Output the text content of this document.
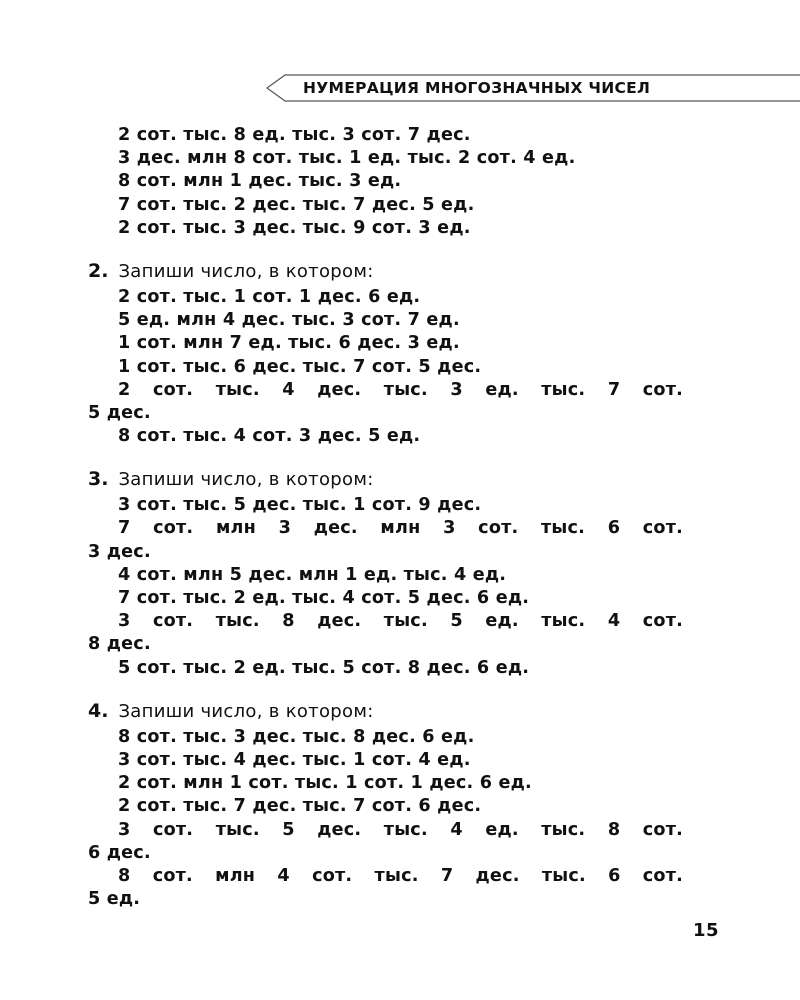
НУМЕРАЦИЯ МНОГОЗНАЧНЫХ ЧИСЕЛ
2 сот. тыс. 8 ед. тыс. 3 сот. 7 дес.
3 дес. млн 8 сот. тыс. 1 ед. тыс. 2 сот. 4 ед.
8 сот. млн 1 дес. тыс. 3 ед.
7 сот. тыс. 2 дес. тыс. 7 дес. 5 ед.
2 сот. тыс. 3 дес. тыс. 9 сот. 3 ед.
2. Запиши число, в котором:
2 сот. тыс. 1 сот. 1 дес. 6 ед.
5 ед. млн 4 дес. тыс. 3 сот. 7 ед.
1 сот. млн 7 ед. тыс. 6 дес. 3 ед.
1 сот. тыс. 6 дес. тыс. 7 сот. 5 дес.
2 сот. тыс. 4 дес. тыс. 3 ед. тыс. 7 сот.
5 дес.
8 сот. тыс. 4 сот. 3 дес. 5 ед.
3. Запиши число, в котором:
3 сот. тыс. 5 дес. тыс. 1 сот. 9 дес.
7 сот. млн 3 дес. млн 3 сот. тыс. 6 сот.
3 дес.
4 сот. млн 5 дес. млн 1 ед. тыс. 4 ед.
7 сот. тыс. 2 ед. тыс. 4 сот. 5 дес. 6 ед.
3 сот. тыс. 8 дес. тыс. 5 ед. тыс. 4 сот.
8 дес.
5 сот. тыс. 2 ед. тыс. 5 сот. 8 дес. 6 ед.
4. Запиши число, в котором:
8 сот. тыс. 3 дес. тыс. 8 дес. 6 ед.
3 сот. тыс. 4 дес. тыс. 1 сот. 4 ед.
2 сот. млн 1 сот. тыс. 1 сот. 1 дес. 6 ед.
2 сот. тыс. 7 дес. тыс. 7 сот. 6 дес.
3 сот. тыс. 5 дес. тыс. 4 ед. тыс. 8 сот.
6 дес.
8 сот. млн 4 сот. тыс. 7 дес. тыс. 6 сот.
5 ед.
15
